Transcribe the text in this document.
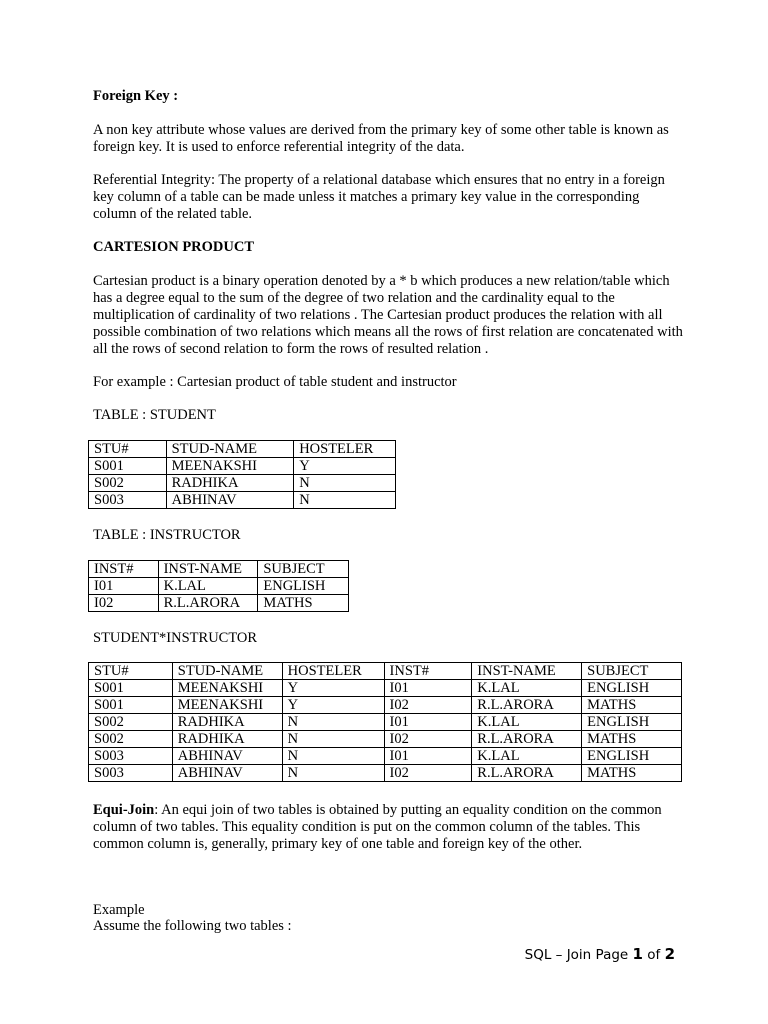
Foreign Key :

A non key attribute whose values are derived from the primary key of some other table is known as foreign key. It is used to enforce referential integrity of the data.

Referential Integrity: The property of a relational database which ensures that no entry in a foreign key column of a table can be made unless it matches a primary key value in the corresponding column of the related table.

CARTESION PRODUCT

Cartesian product is a binary operation denoted by a * b which produces a new relation/table which has a degree equal to the sum of the degree of two relation and the cardinality equal to the multiplication of cardinality of two relations . The Cartesian product produces the relation with all possible combination of two relations which means all the rows of first relation are concatenated with all the rows of second relation to form the rows of resulted relation .

For example : Cartesian product of table student and instructor

TABLE : STUDENT

STU#	STUD-NAME	HOSTELER
S001	MEENAKSHI	Y
S002	RADHIKA	N
S003	ABHINAV	N

TABLE : INSTRUCTOR

INST#	INST-NAME	SUBJECT
I01	K.LAL	ENGLISH
I02	R.L.ARORA	MATHS

STUDENT*INSTRUCTOR

STU#	STUD-NAME	HOSTELER	INST#	INST-NAME	SUBJECT
S001	MEENAKSHI	Y	I01	K.LAL	ENGLISH
S001	MEENAKSHI	Y	I02	R.L.ARORA	MATHS
S002	RADHIKA	N	I01	K.LAL	ENGLISH
S002	RADHIKA	N	I02	R.L.ARORA	MATHS
S003	ABHINAV	N	I01	K.LAL	ENGLISH
S003	ABHINAV	N	I02	R.L.ARORA	MATHS

Equi-Join: An equi join of two tables is obtained by putting an equality condition on the common column of two tables. This equality condition is put on the common column of the tables. This common column is, generally, primary key of one table and foreign key of the other.

Example

Assume the following two tables :

SQL – Join Page 1 of 2
